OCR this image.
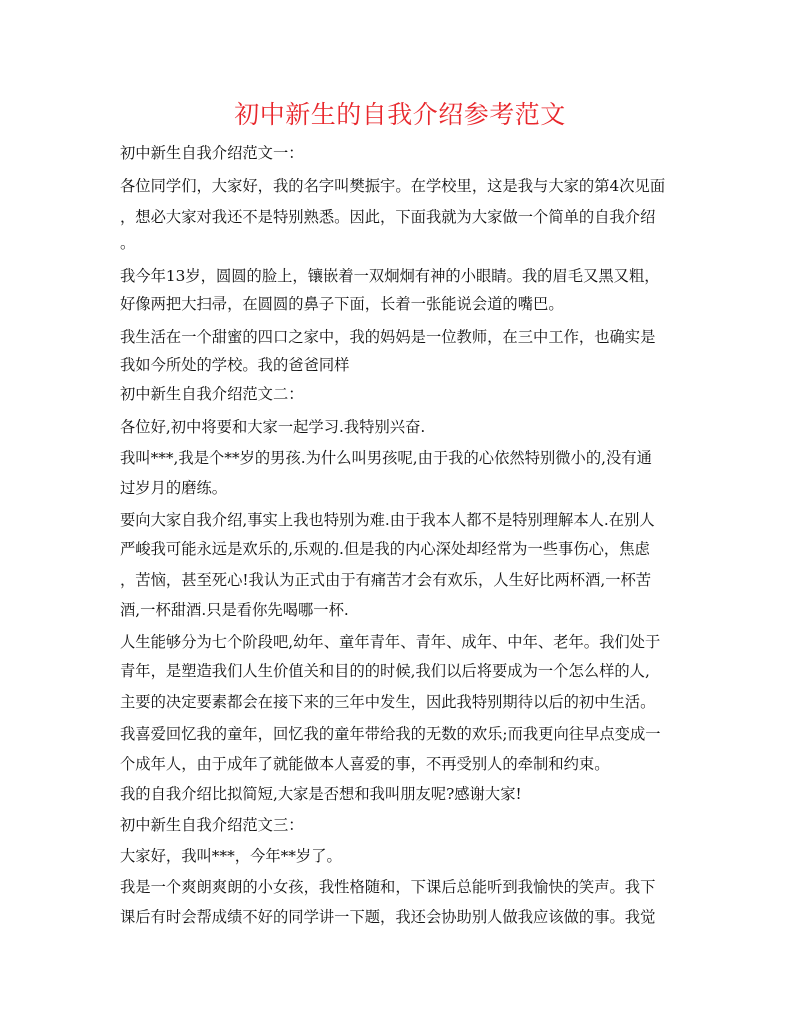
初中新生的自我介绍参考范文
初中新生自我介绍范文一：
各位同学们，大家好，我的名字叫樊振宇。在学校里，这是我与大家的第4次见面
，想必大家对我还不是特别熟悉。因此，下面我就为大家做一个简单的自我介绍
。
我今年13岁，圆圆的脸上，镶嵌着一双炯炯有神的小眼睛。我的眉毛又黑又粗，
好像两把大扫帚，在圆圆的鼻子下面，长着一张能说会道的嘴巴。
我生活在一个甜蜜的四口之家中，我的妈妈是一位教师，在三中工作，也确实是
我如今所处的学校。我的爸爸同样
初中新生自我介绍范文二：
各位好,初中将要和大家一起学习.我特别兴奋.
我叫***,我是个**岁的男孩.为什么叫男孩呢,由于我的心依然特别微小的,没有通
过岁月的磨练。
要向大家自我介绍,事实上我也特别为难.由于我本人都不是特别理解本人.在别人
严峻我可能永远是欢乐的,乐观的.但是我的内心深处却经常为一些事伤心，焦虑
，苦恼，甚至死心!我认为正式由于有痛苦才会有欢乐，人生好比两杯酒,一杯苦
酒,一杯甜酒.只是看你先喝哪一杯.
人生能够分为七个阶段吧,幼年、童年青年、青年、成年、中年、老年。我们处于
青年，是塑造我们人生价值关和目的的时候,我们以后将要成为一个怎么样的人,
主要的决定要素都会在接下来的三年中发生，因此我特别期待以后的初中生活。
我喜爱回忆我的童年，回忆我的童年带给我的无数的欢乐;而我更向往早点变成一
个成年人，由于成年了就能做本人喜爱的事，不再受别人的牵制和约束。
我的自我介绍比拟简短,大家是否想和我叫朋友呢?感谢大家!
初中新生自我介绍范文三：
大家好，我叫***，今年**岁了。
我是一个爽朗爽朗的小女孩，我性格随和，下课后总能听到我愉快的笑声。我下
课后有时会帮成绩不好的同学讲一下题，我还会协助别人做我应该做的事。我觉
